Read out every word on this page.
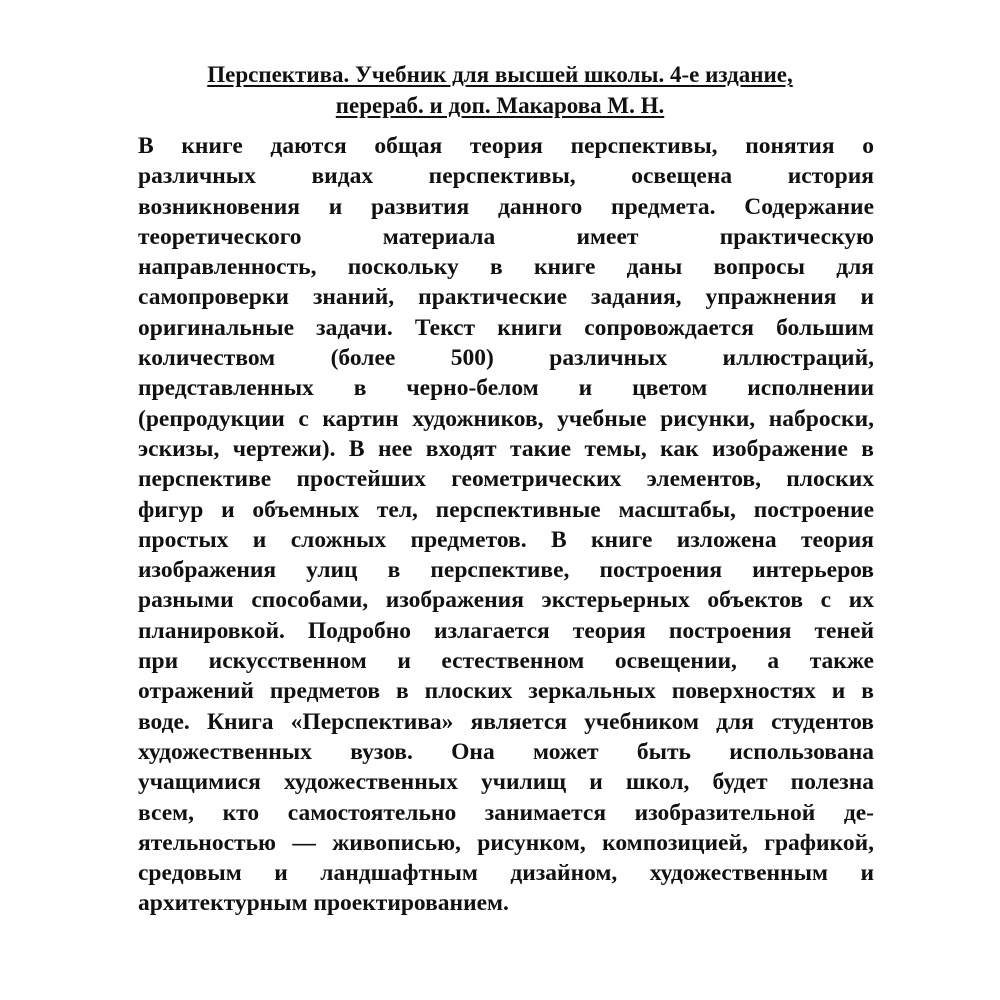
Перспектива. Учебник для высшей школы. 4-е издание,
перераб. и доп. Макарова М. Н.
В книге даются общая теория перспективы, понятия о
различных видах перспективы, освещена история
возникновения и развития данного предмета. Содержание
теоретического материала имеет практическую
направленность, поскольку в книге даны вопросы для
самопроверки знаний, практические задания, упражнения и
оригинальные задачи. Текст книги сопровождается большим
количеством (более 500) различных иллюстраций,
представленных в черно-белом и цветом исполнении
(репродукции с картин художников, учебные рисунки, наброски,
эскизы, чертежи). В нее входят такие темы, как изображение в
перспективе простейших геометрических элементов, плоских
фигур и объемных тел, перспективные масштабы, построение
простых и сложных предметов. В книге изложена теория
изображения улиц в перспективе, построения интерьеров
разными способами, изображения экстерьерных объектов с их
планировкой. Подробно излагается теория построения теней
при искусственном и естественном освещении, а также
отражений предметов в плоских зеркальных поверхностях и в
воде. Книга «Перспектива» является учебником для студентов
художественных вузов. Она может быть использована
учащимися художественных училищ и школ, будет полезна
всем, кто самостоятельно занимается изобразительной де-
ятельностью — живописью, рисунком, композицией, графикой,
средовым и ландшафтным дизайном, художественным и
архитектурным проектированием.
